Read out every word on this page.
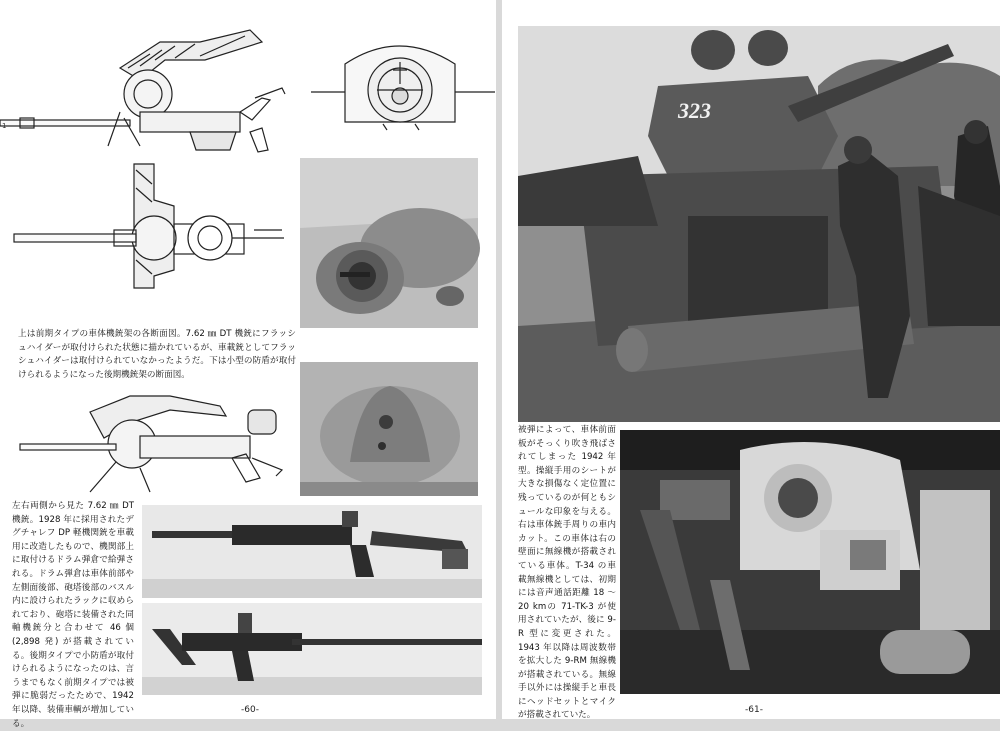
1

上は前期タイプの車体機銃架の各断面図。7.62 ㎜ DT 機銃にフラッシュハイダーが取付けられた状態に描かれているが、車載銃としてフラッシュハイダーは取付けられていなかったようだ。下は小型の防盾が取付けられるようになった後期機銃架の断面図。

左右両側から見た 7.62 ㎜ DT 機銃。1928 年に採用されたデグチャレフ DP 軽機関銃を車載用に改造したもので、機関部上に取付けるドラム弾倉で給弾される。ドラム弾倉は車体前部や左側面後部、砲塔後部のバスル内に設けられたラックに収められており、砲塔に装備された同軸機銃分と合わせて 46 個 (2,898 発) が搭載されている。後期タイプで小防盾が取付けられるようになったのは、言うまでもなく前期タイプでは被弾に脆弱だったためで、1942 年以降、装備車輌が増加している。

-60-
323

被弾によって、車体前面板がそっくり吹き飛ばされてしまった 1942 年型。操縦手用のシートが大きな損傷なく定位置に残っているのが何ともシュールな印象を与える。右は車体銃手周りの車内カット。この車体は右の壁面に無線機が搭載されている車体。T-34 の車載無線機としては、初期には音声通話距離 18 ～ 20 kmの 71-TK-3 が使用されていたが、後に 9-R 型に変更された。1943 年以降は周波数帯を拡大した 9-RM 無線機が搭載されている。無線手以外には操縦手と車長にヘッドセットとマイクが搭載されていた。

-61-
